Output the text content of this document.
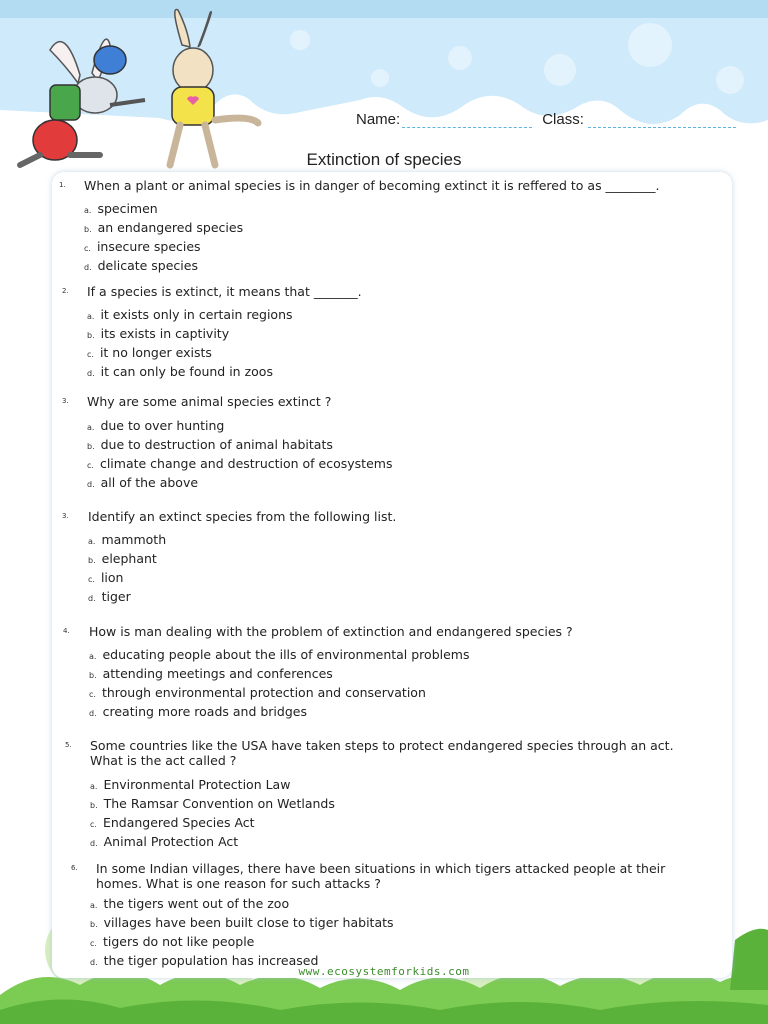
Name:	Class:
Extinction of species
1. When a plant or animal species is in danger of becoming extinct it is reffered to as ________.
a. specimen
b. an endangered species
c. insecure species
d. delicate species
2. If a species is extinct, it means that _______.
a. it exists only in certain regions
b. its exists in captivity
c. it no longer exists
d. it can only be found in zoos
3. Why are some animal species extinct ?
a. due to over hunting
b. due to destruction of animal habitats
c. climate change and destruction of ecosystems
d. all of the above
3. Identify an extinct species from the following list.
a. mammoth
b. elephant
c. lion
d. tiger
4. How is man dealing with the problem of extinction and endangered species ?
a. educating people about the ills of environmental problems
b. attending meetings and conferences
c. through environmental protection and conservation
d. creating more roads and bridges
5. Some countries like the USA have taken steps to protect endangered species through an act. What is the act called ?
a. Environmental Protection Law
b. The Ramsar Convention on Wetlands
c. Endangered Species Act
d. Animal Protection Act
6. In some Indian villages, there have been situations in which tigers attacked people at their homes. What is one reason for such attacks ?
a. the tigers went out of the zoo
b. villages have been built close to tiger habitats
c. tigers do not like people
d. the tiger population has increased
www.ecosystemforkids.com
